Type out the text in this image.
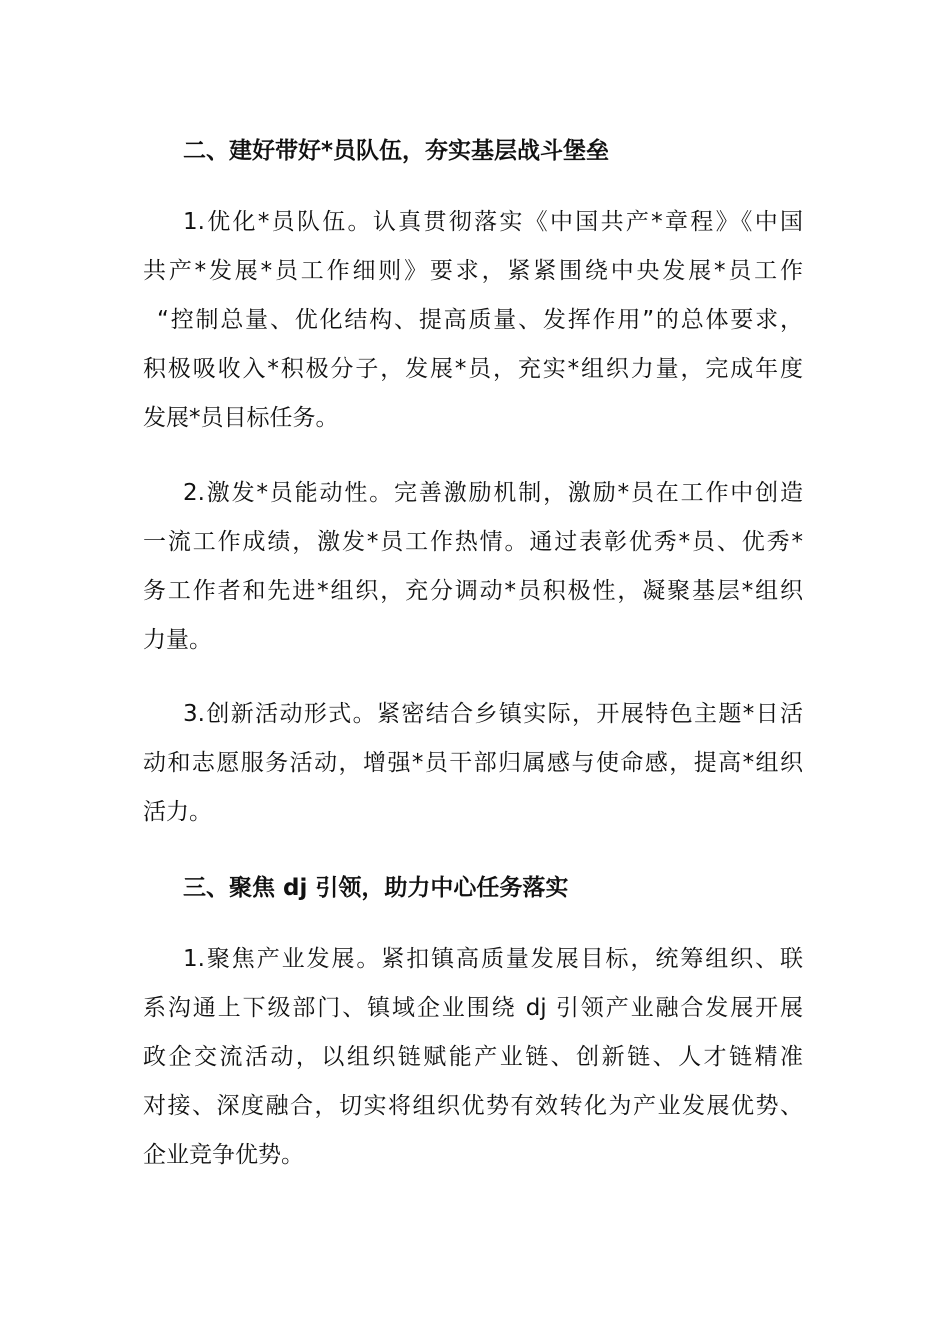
二、建好带好*员队伍，夯实基层战斗堡垒
1.优化*员队伍。认真贯彻落实《中国共产*章程》《中国
共产*发展*员工作细则》要求，紧紧围绕中央发展*员工作
“控制总量、优化结构、提高质量、发挥作用”的总体要求，
积极吸收入*积极分子，发展*员，充实*组织力量，完成年度
发展*员目标任务。
2.激发*员能动性。完善激励机制，激励*员在工作中创造
一流工作成绩，激发*员工作热情。通过表彰优秀*员、优秀*
务工作者和先进*组织，充分调动*员积极性，凝聚基层*组织
力量。
3.创新活动形式。紧密结合乡镇实际，开展特色主题*日活
动和志愿服务活动，增强*员干部归属感与使命感，提高*组织
活力。
三、聚焦 dj 引领，助力中心任务落实
1.聚焦产业发展。紧扣镇高质量发展目标，统筹组织、联
系沟通上下级部门、镇域企业围绕 dj 引领产业融合发展开展
政企交流活动，以组织链赋能产业链、创新链、人才链精准
对接、深度融合，切实将组织优势有效转化为产业发展优势、
企业竞争优势。
